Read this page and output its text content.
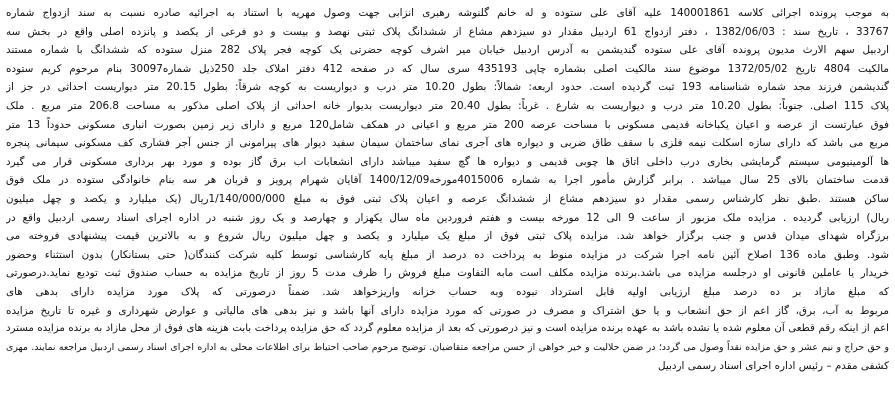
به موجب پرونده اجرائی کلاسه 140001861 علیه آقای علی ستوده و له خانم گلنوشه رهبری انزابی جهت وصول مهریه با استناد به اجرائیه صادره نسبت به سند ازدواج شماره
33767 ، تاریخ سند : 1382/06/03 ، دفتر ازدواج 61 اردبیل مقدار دو سیزدهم مشاع از ششدانگ پلاک ثبتی نهصد و بیست و دو فرعی از یکصد و پانزده اصلی واقع در بخش سه
اردبیل سهم الارث مدیون پرونده آقای علی ستوده گندیشمن به آدرس اردبیل خیابان میر اشرف کوچه حضرتی یک کوچه فجر پلاک 282 منزل ستوده که ششدانگ با شماره مستند
مالکیت 4804 تاریخ 1372/05/02 موضوع سند مالکیت اصلی بشماره چاپی 435193 سری سال که در صفحه 412 دفتر املاک جلد 250ذیل شماره30097 بنام مرحوم کریم ستوده
گندیشمن فرزند مجد شماره شناسنامه 193 ثبت گردیده است. حدود اربعه: شمالاً: بطول 10.20 متر درب و دیواریست به کوچه شرقاً: بطول 20.15 متر دیواریست احداثی در جز از
پلاک 115 اصلی. جنوباً: بطول 10.20 متر درب و دیواریست به شارع . غرباً: بطول 20.40 متر دیواریست بدیوار خانه احداثی از پلاک اصلی مذکور به مساحت 206.8 متر مربع . ملک
فوق عبارتست از عرصه و اعیان یکباخانه قدیمی مسکونی با مساحت عرصه 200 متر مربع و اعیانی در همکف شامل120 مربع و دارای زیر زمین بصورت انباری مسکونی حدوداً 13 متر
مربع می باشد که دارای سازه اسکلت نیمه فلزی با سقف طاق ضربی و دیواره های آجری نمای ساختمان سیمان سفید دیوار های پیرامونی از جنس آجر فشاری کف مسکونی سیمانی پنجره
ها آلومینیومی سیستم گرمایشی بخاری درب داخلی اتاق ها چوبی قدیمی و دیواره ها گچ سفید میباشد دارای انشعابات اب برق گاز بوده و مورد بهر برداری مسکونی قرار می گیرد
قدمت ساختمان بالای 25 سال میباشد . برابر گزارش مأمور اجرا به شماره 4015006مورخه1400/12/09 آقایان شهرام پرویز و قربان هر سه بنام خانوادگی ستوده در ملک فوق
ساکن هستند .طبق نظر کارشناس رسمی مقدار دو سیزدهم مشاع از ششدانگ عرصه و اعیان پلاک ثبتی فوق به مبلغ 1/140/000/000ریال (یک میلیارد و یکصد و چهل میلیون
ریال) ارزیابی گردیده . مزایده ملک مزبور از ساعت 9 الی 12 مورخه بیست و هفتم فروردین ماه سال یکهزار و چهارصد و یک روز شنبه در اداره اجرای اسناد رسمی اردبیل واقع در
برزگراه شهدای میدان قدس و جنب برگزار خواهد شد. مزایده پلاک ثبتی فوق از مبلغ یک میلیارد و یکصد و چهل میلیون ریال شروع و به بالاترین قیمت پیشنهادی فروخته می
شود. وطبق ماده 136 اصلاح آئین نامه اجرا شرکت در مزایده منوط به پرداخت ده درصد از مبلغ پایه کارشناسی توسط کلیه شرکت کنندگان( حتی بستانکار) بدون استثناء وحضور
خریدار یا عاملین قانونی او درجلسه مزایده می باشد.برنده مزایده مکلف است مابه التفاوت مبلغ فروش را ظرف مدت 5 روز از تاریخ مزایده به حساب صندوق ثبت تودیع نماید.درصورتی
که مبلغ مازاد بر ده درصد مبلغ ارزیابی اولیه قابل استرداد نبوده وبه حساب خزانه واریزخواهد شد. ضمناً درصورتی که پلاک مورد مزایده دارای بدهی های
مربوط به آب، برق، گاز اعم از حق انشعاب و یا حق اشتراک و مصرف در صورتی که مورد مزایده دارای آنها باشد و نیز بدهی های مالیاتی و عوارض شهرداری و غیره تا تاریخ مزایده
اعم از اینکه رقم قطعی آن معلوم شده یا نشده باشد به عهده برنده مزایده است و نیز درصورتی که بعد از مزایده معلوم گردد که حق مزایده پرداخت بابت هزینه های فوق از محل مازاد به برنده مزایده مسترد
و حق حراج و نیم عشر و حق مزایده نقداً وصول می گردد؛ در ضمن حلالیت و خیر خواهی از حسن مراجعه متقاضیان. توضیح مرحوم صاحب احتیاط برای اطلاعات محلی به اداره اجرای اسناد رسمی اردبیل مراجعه نمایند. مهری
کشفی مقدم – رئیس اداره اجرای اسناد رسمی اردبیل
